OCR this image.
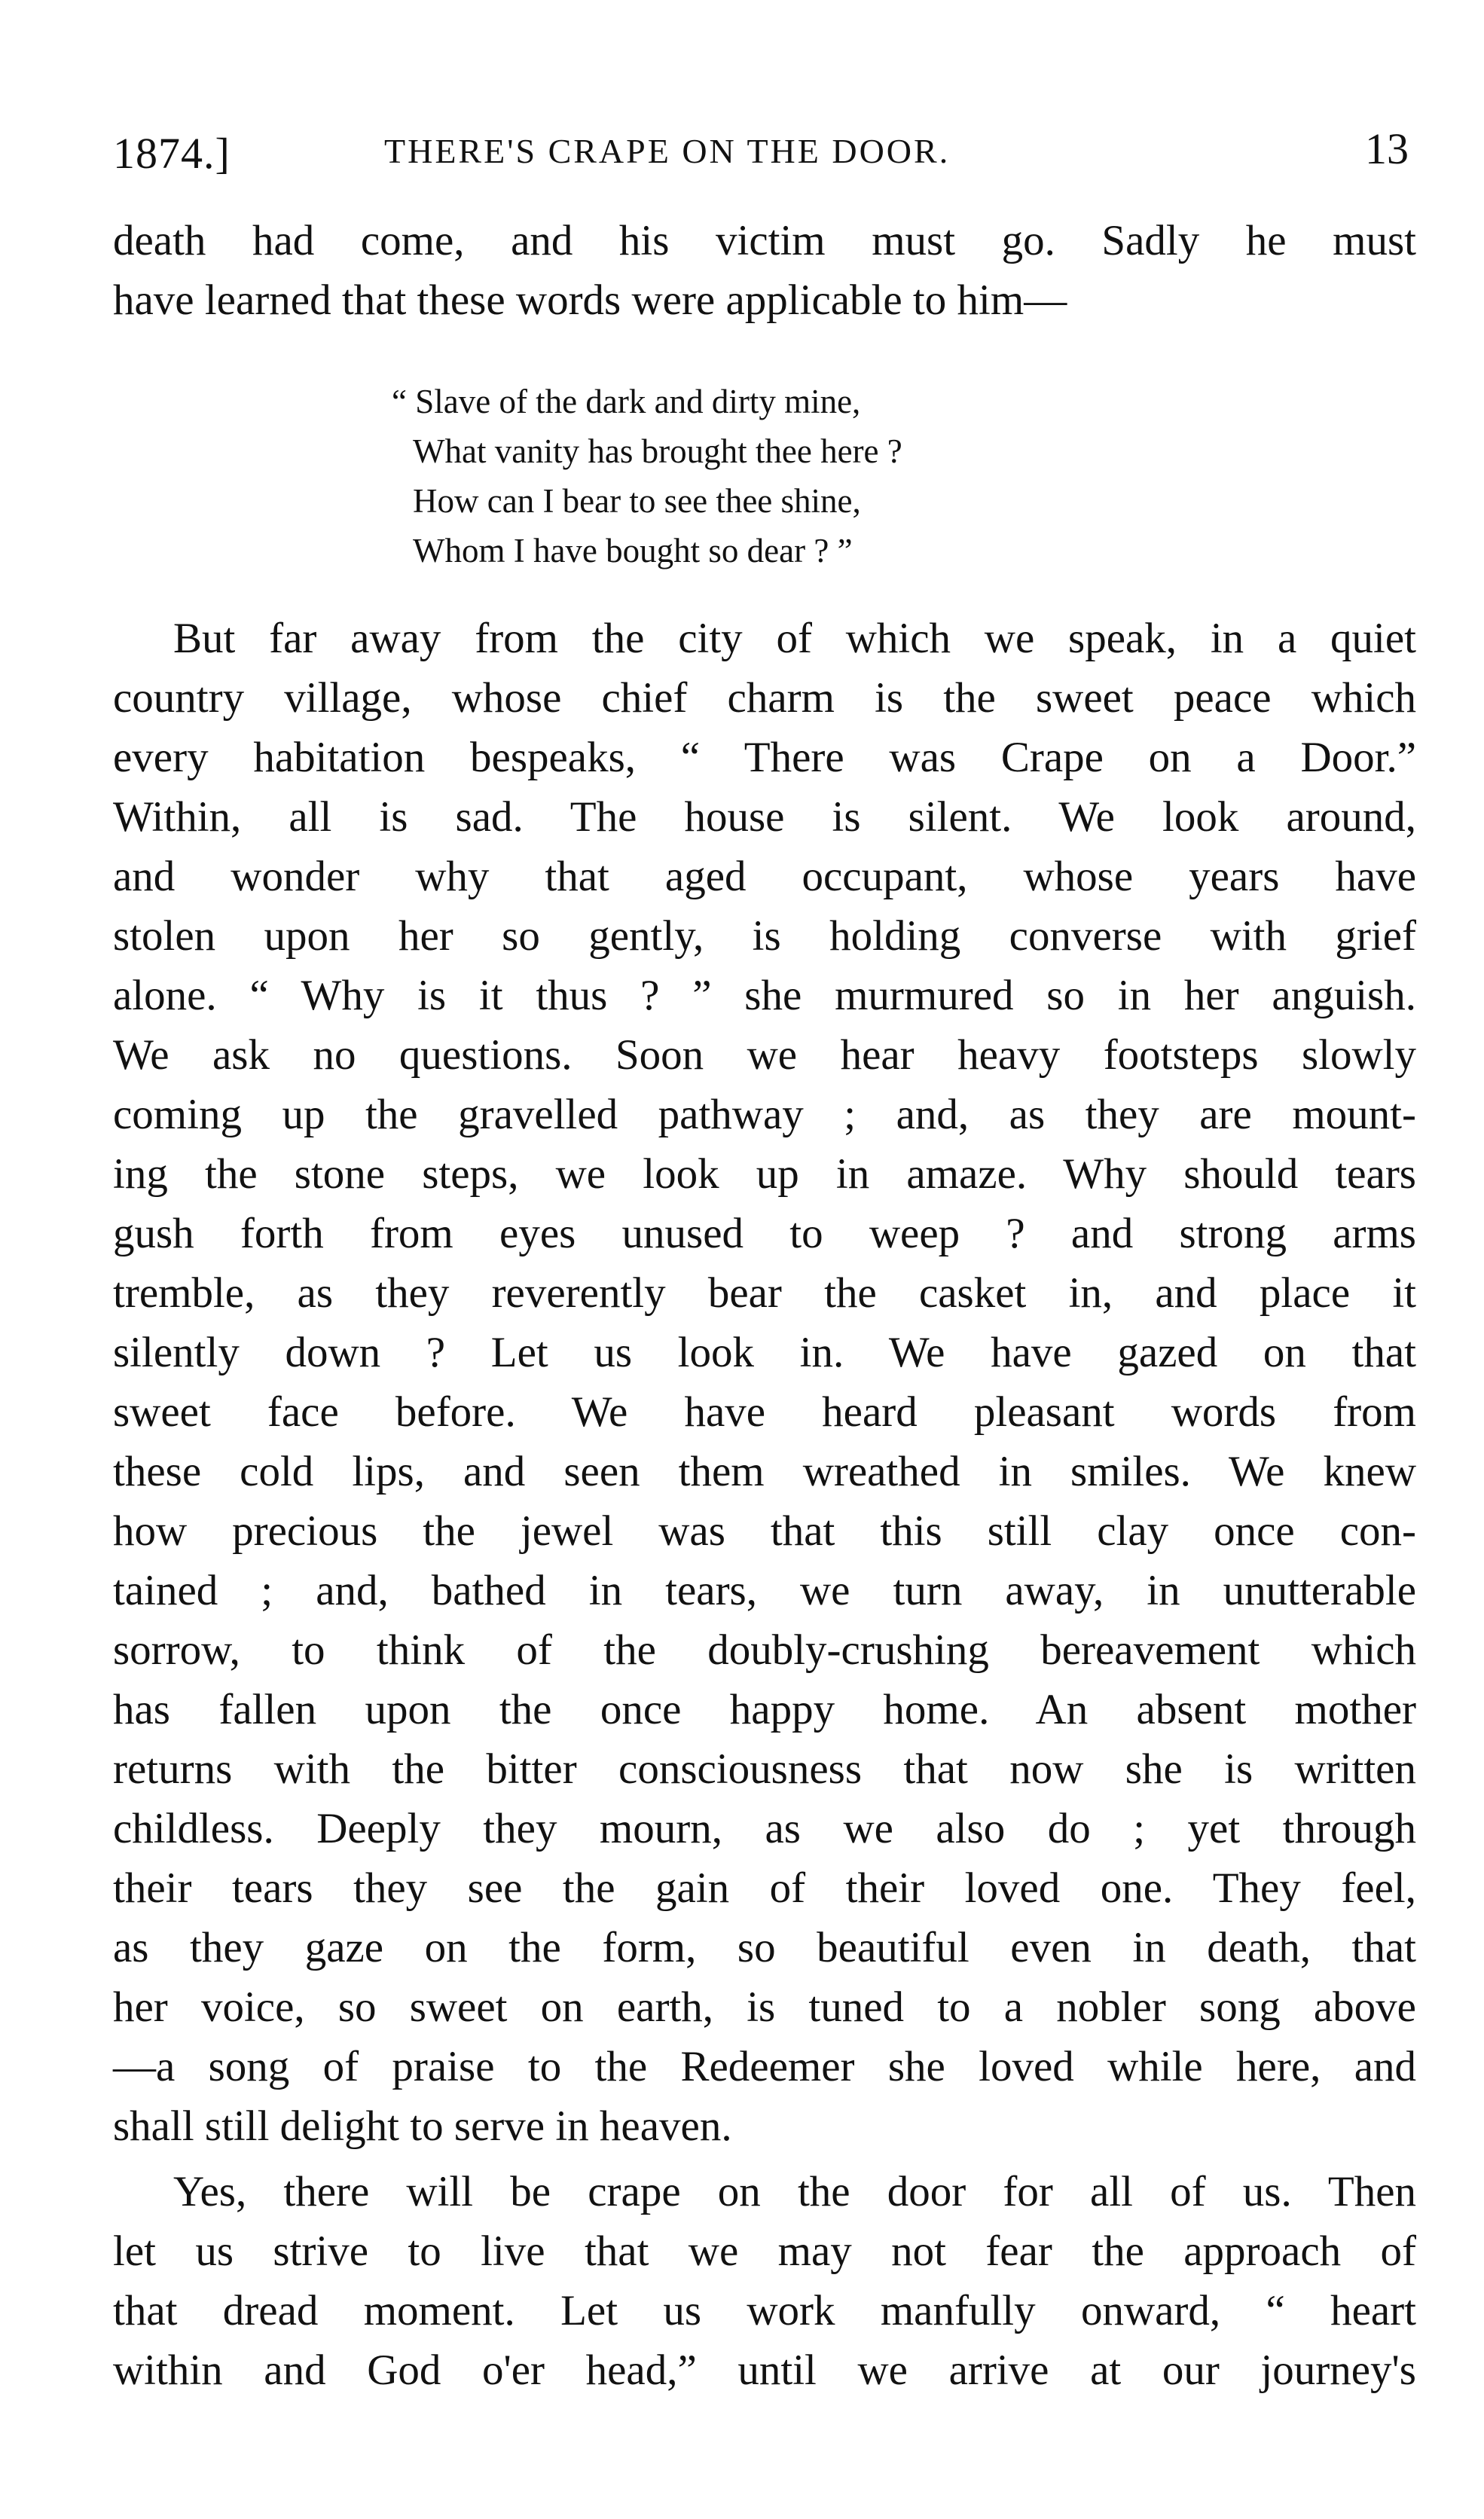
1874.]	THERE'S CRAPE ON THE DOOR.	13
death had come, and his victim must go. Sadly he must
have learned that these words were applicable to him—
“ Slave of the dark and dirty mine,
What vanity has brought thee here ?
How can I bear to see thee shine,
Whom I have bought so dear ? ”
But far away from the city of which we speak, in a quiet
country village, whose chief charm is the sweet peace which
every habitation bespeaks, “ There was Crape on a Door.”
Within, all is sad. The house is silent. We look around,
and wonder why that aged occupant, whose years have
stolen upon her so gently, is holding converse with grief
alone. “ Why is it thus ? ” she murmured so in her anguish.
We ask no questions. Soon we hear heavy footsteps slowly
coming up the gravelled pathway ; and, as they are mount-
ing the stone steps, we look up in amaze. Why should tears
gush forth from eyes unused to weep ? and strong arms
tremble, as they reverently bear the casket in, and place it
silently down ? Let us look in. We have gazed on that
sweet face before. We have heard pleasant words from
these cold lips, and seen them wreathed in smiles. We knew
how precious the jewel was that this still clay once con-
tained ; and, bathed in tears, we turn away, in unutterable
sorrow, to think of the doubly-crushing bereavement which
has fallen upon the once happy home. An absent mother
returns with the bitter consciousness that now she is written
childless. Deeply they mourn, as we also do ; yet through
their tears they see the gain of their loved one. They feel,
as they gaze on the form, so beautiful even in death, that
her voice, so sweet on earth, is tuned to a nobler song above
—a song of praise to the Redeemer she loved while here, and
shall still delight to serve in heaven.
Yes, there will be crape on the door for all of us. Then
let us strive to live that we may not fear the approach of
that dread moment. Let us work manfully onward, “ heart
within and God o'er head,” until we arrive at our journey's
